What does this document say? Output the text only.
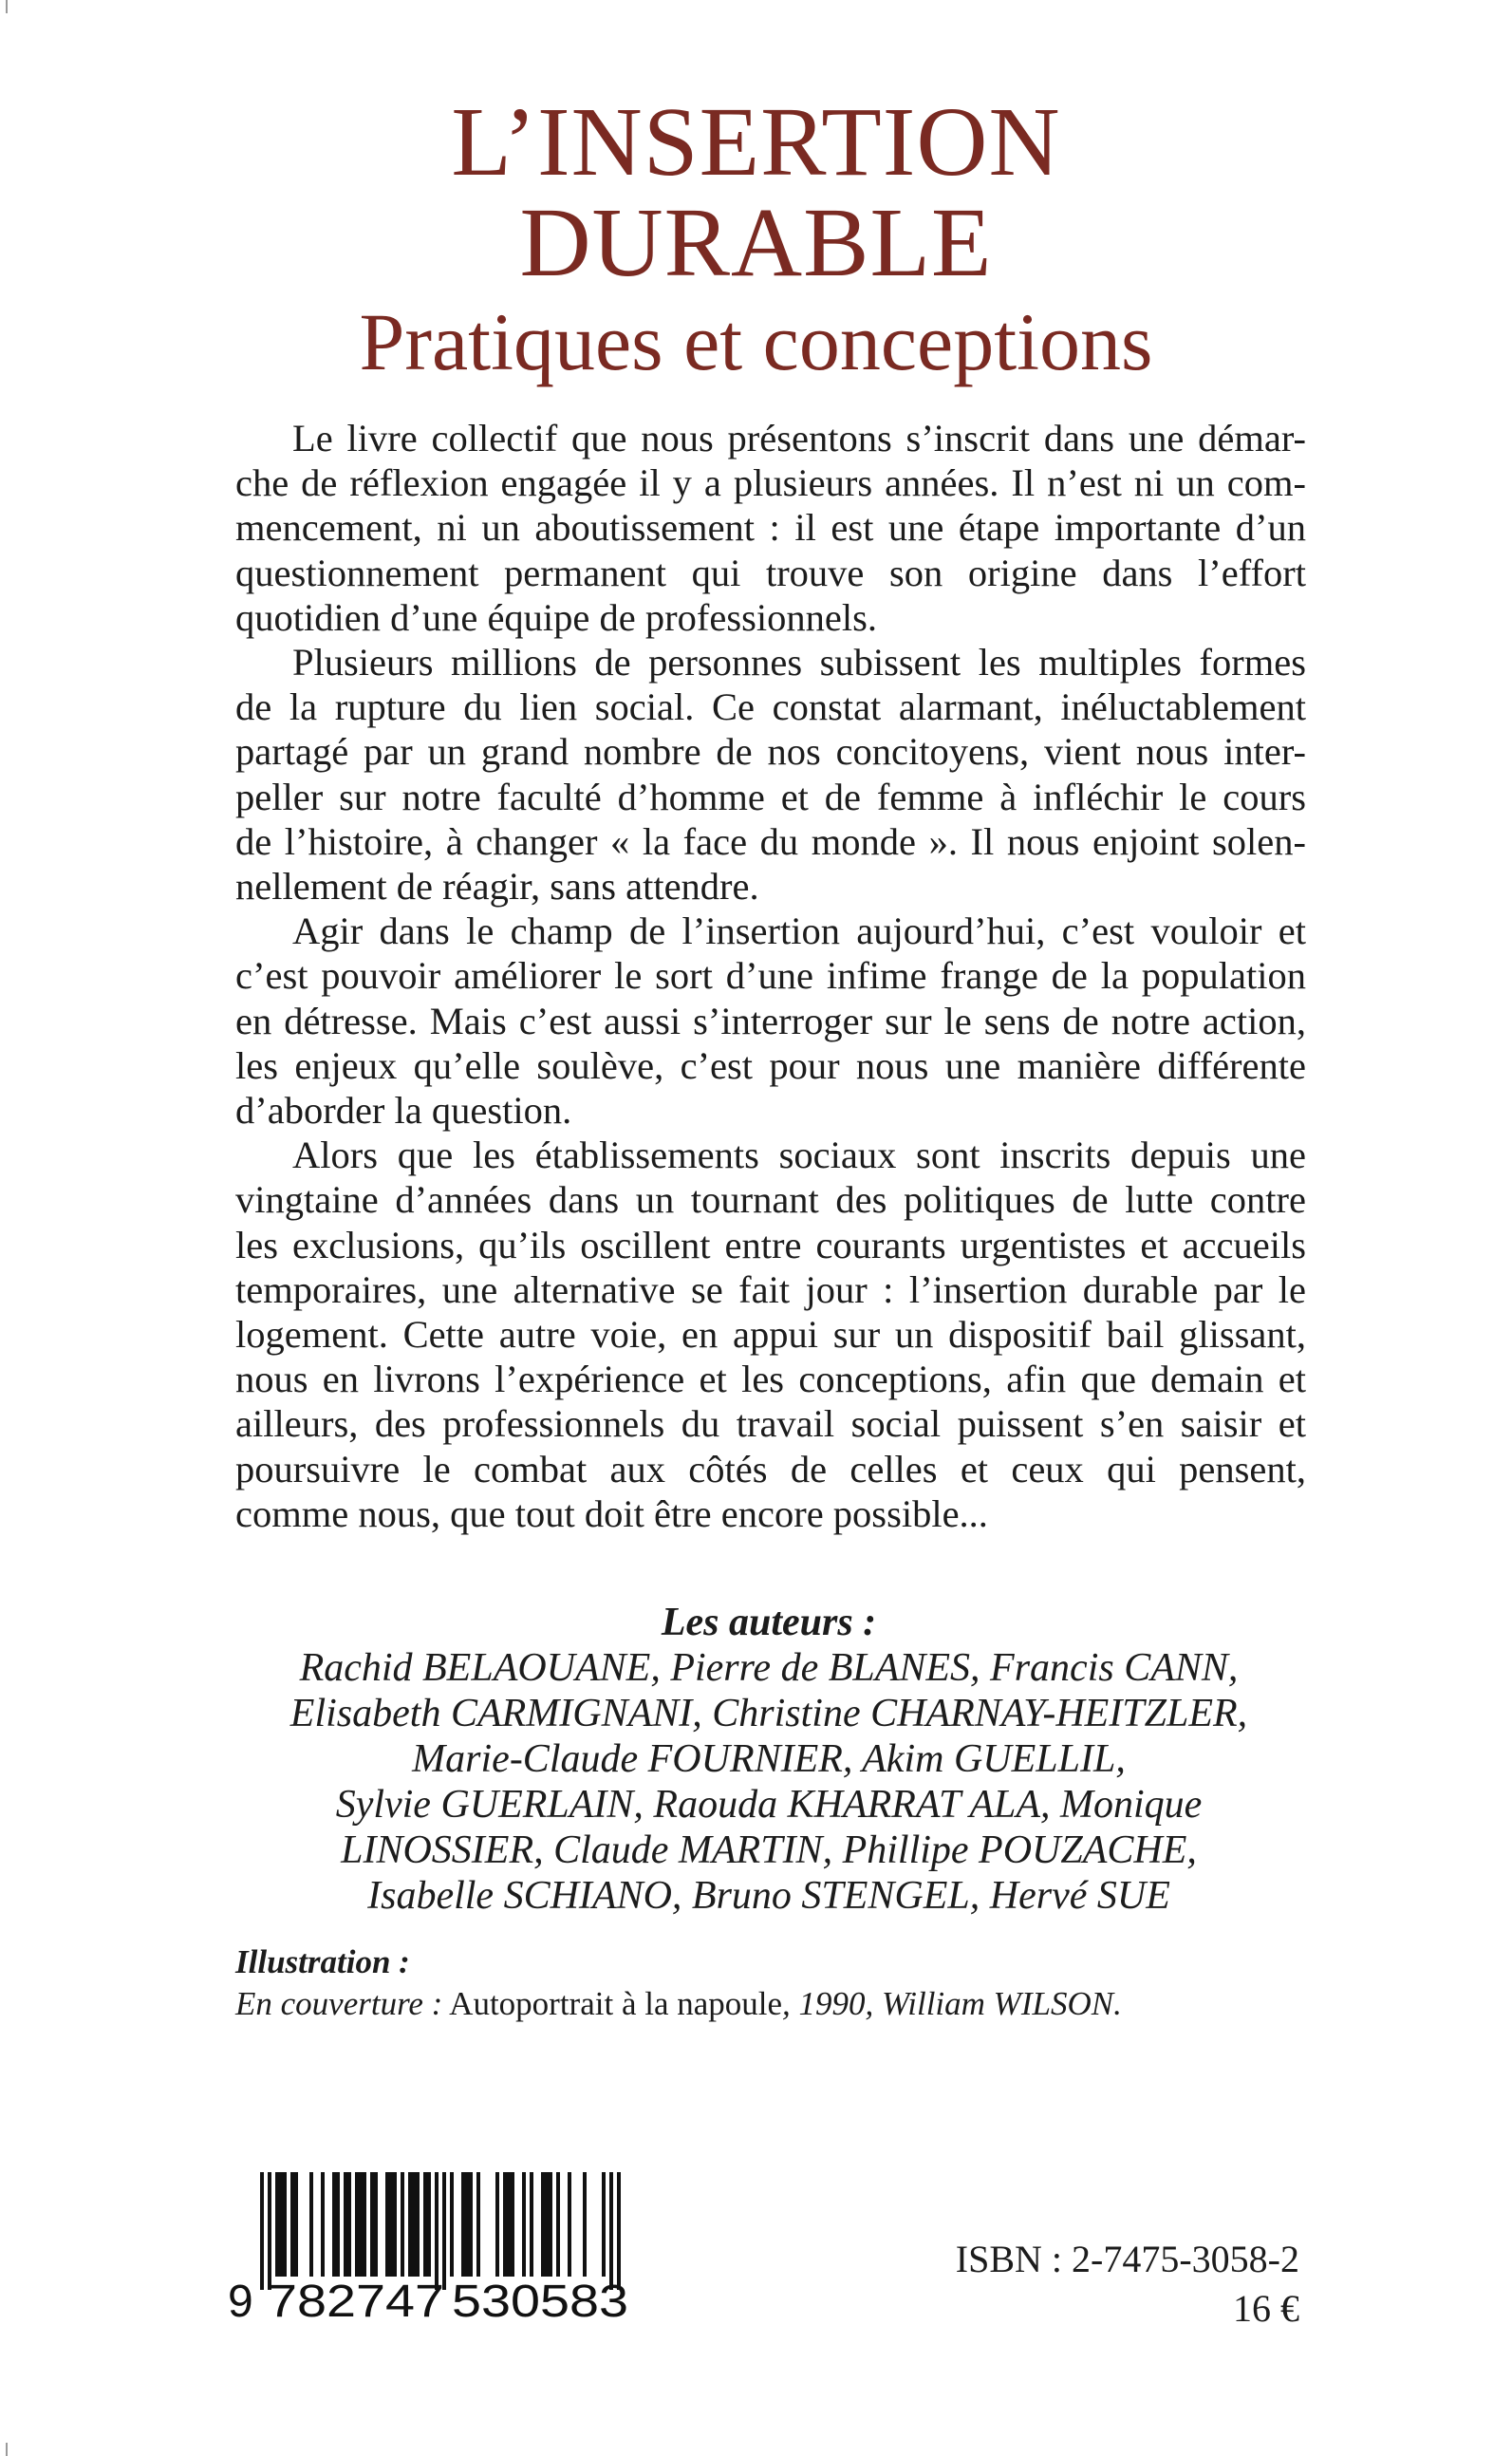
L’INSERTION
DURABLE
Pratiques et conceptions

Le livre collectif que nous présentons s’inscrit dans une démar-
che de réflexion engagée il y a plusieurs années. Il n’est ni un com-
mencement, ni un aboutissement : il est une étape importante d’un
questionnement permanent qui trouve son origine dans l’effort
quotidien d’une équipe de professionnels.

Plusieurs millions de personnes subissent les multiples formes
de la rupture du lien social. Ce constat alarmant, inéluctablement
partagé par un grand nombre de nos concitoyens, vient nous inter-
peller sur notre faculté d’homme et de femme à infléchir le cours
de l’histoire, à changer « la face du monde ». Il nous enjoint solen-
nellement de réagir, sans attendre.

Agir dans le champ de l’insertion aujourd’hui, c’est vouloir et
c’est pouvoir améliorer le sort d’une infime frange de la population
en détresse. Mais c’est aussi s’interroger sur le sens de notre action,
les enjeux qu’elle soulève, c’est pour nous une manière différente
d’aborder la question.

Alors que les établissements sociaux sont inscrits depuis une
vingtaine d’années dans un tournant des politiques de lutte contre
les exclusions, qu’ils oscillent entre courants urgentistes et accueils
temporaires, une alternative se fait jour : l’insertion durable par le
logement. Cette autre voie, en appui sur un dispositif bail glissant,
nous en livrons l’expérience et les conceptions, afin que demain et
ailleurs, des professionnels du travail social puissent s’en saisir et
poursuivre le combat aux côtés de celles et ceux qui pensent,
comme nous, que tout doit être encore possible...

Les auteurs :
Rachid BELAOUANE, Pierre de BLANES, Francis CANN,
Elisabeth CARMIGNANI, Christine CHARNAY-HEITZLER,
Marie-Claude FOURNIER, Akim GUELLIL,
Sylvie GUERLAIN, Raouda KHARRAT ALA, Monique
LINOSSIER, Claude MARTIN, Phillipe POUZACHE,
Isabelle SCHIANO, Bruno STENGEL, Hervé SUE
Illustration :
En couverture : Autoportrait à la napoule, 1990, William WILSON.
9 782747 530583
ISBN : 2-7475-3058-2
16 €
